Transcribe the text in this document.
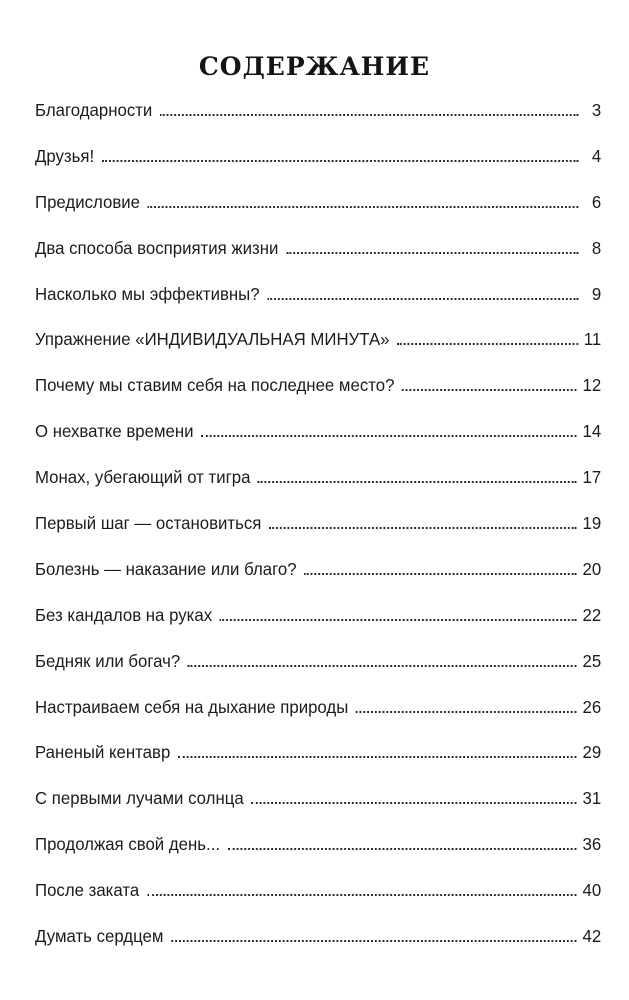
СОДЕРЖАНИЕ
Благодарности	3
Друзья!	4
Предисловие	6
Два способа восприятия жизни	8
Насколько мы эффективны?	9
Упражнение «ИНДИВИДУАЛЬНАЯ МИНУТА»	11
Почему мы ставим себя на последнее место?	12
О нехватке времени	14
Монах, убегающий от тигра	17
Первый шаг — остановиться	19
Болезнь — наказание или благо?	20
Без кандалов на руках	22
Бедняк или богач?	25
Настраиваем себя на дыхание природы	26
Раненый кентавр	29
С первыми лучами солнца	31
Продолжая свой день...	36
После заката	40
Думать сердцем	42
